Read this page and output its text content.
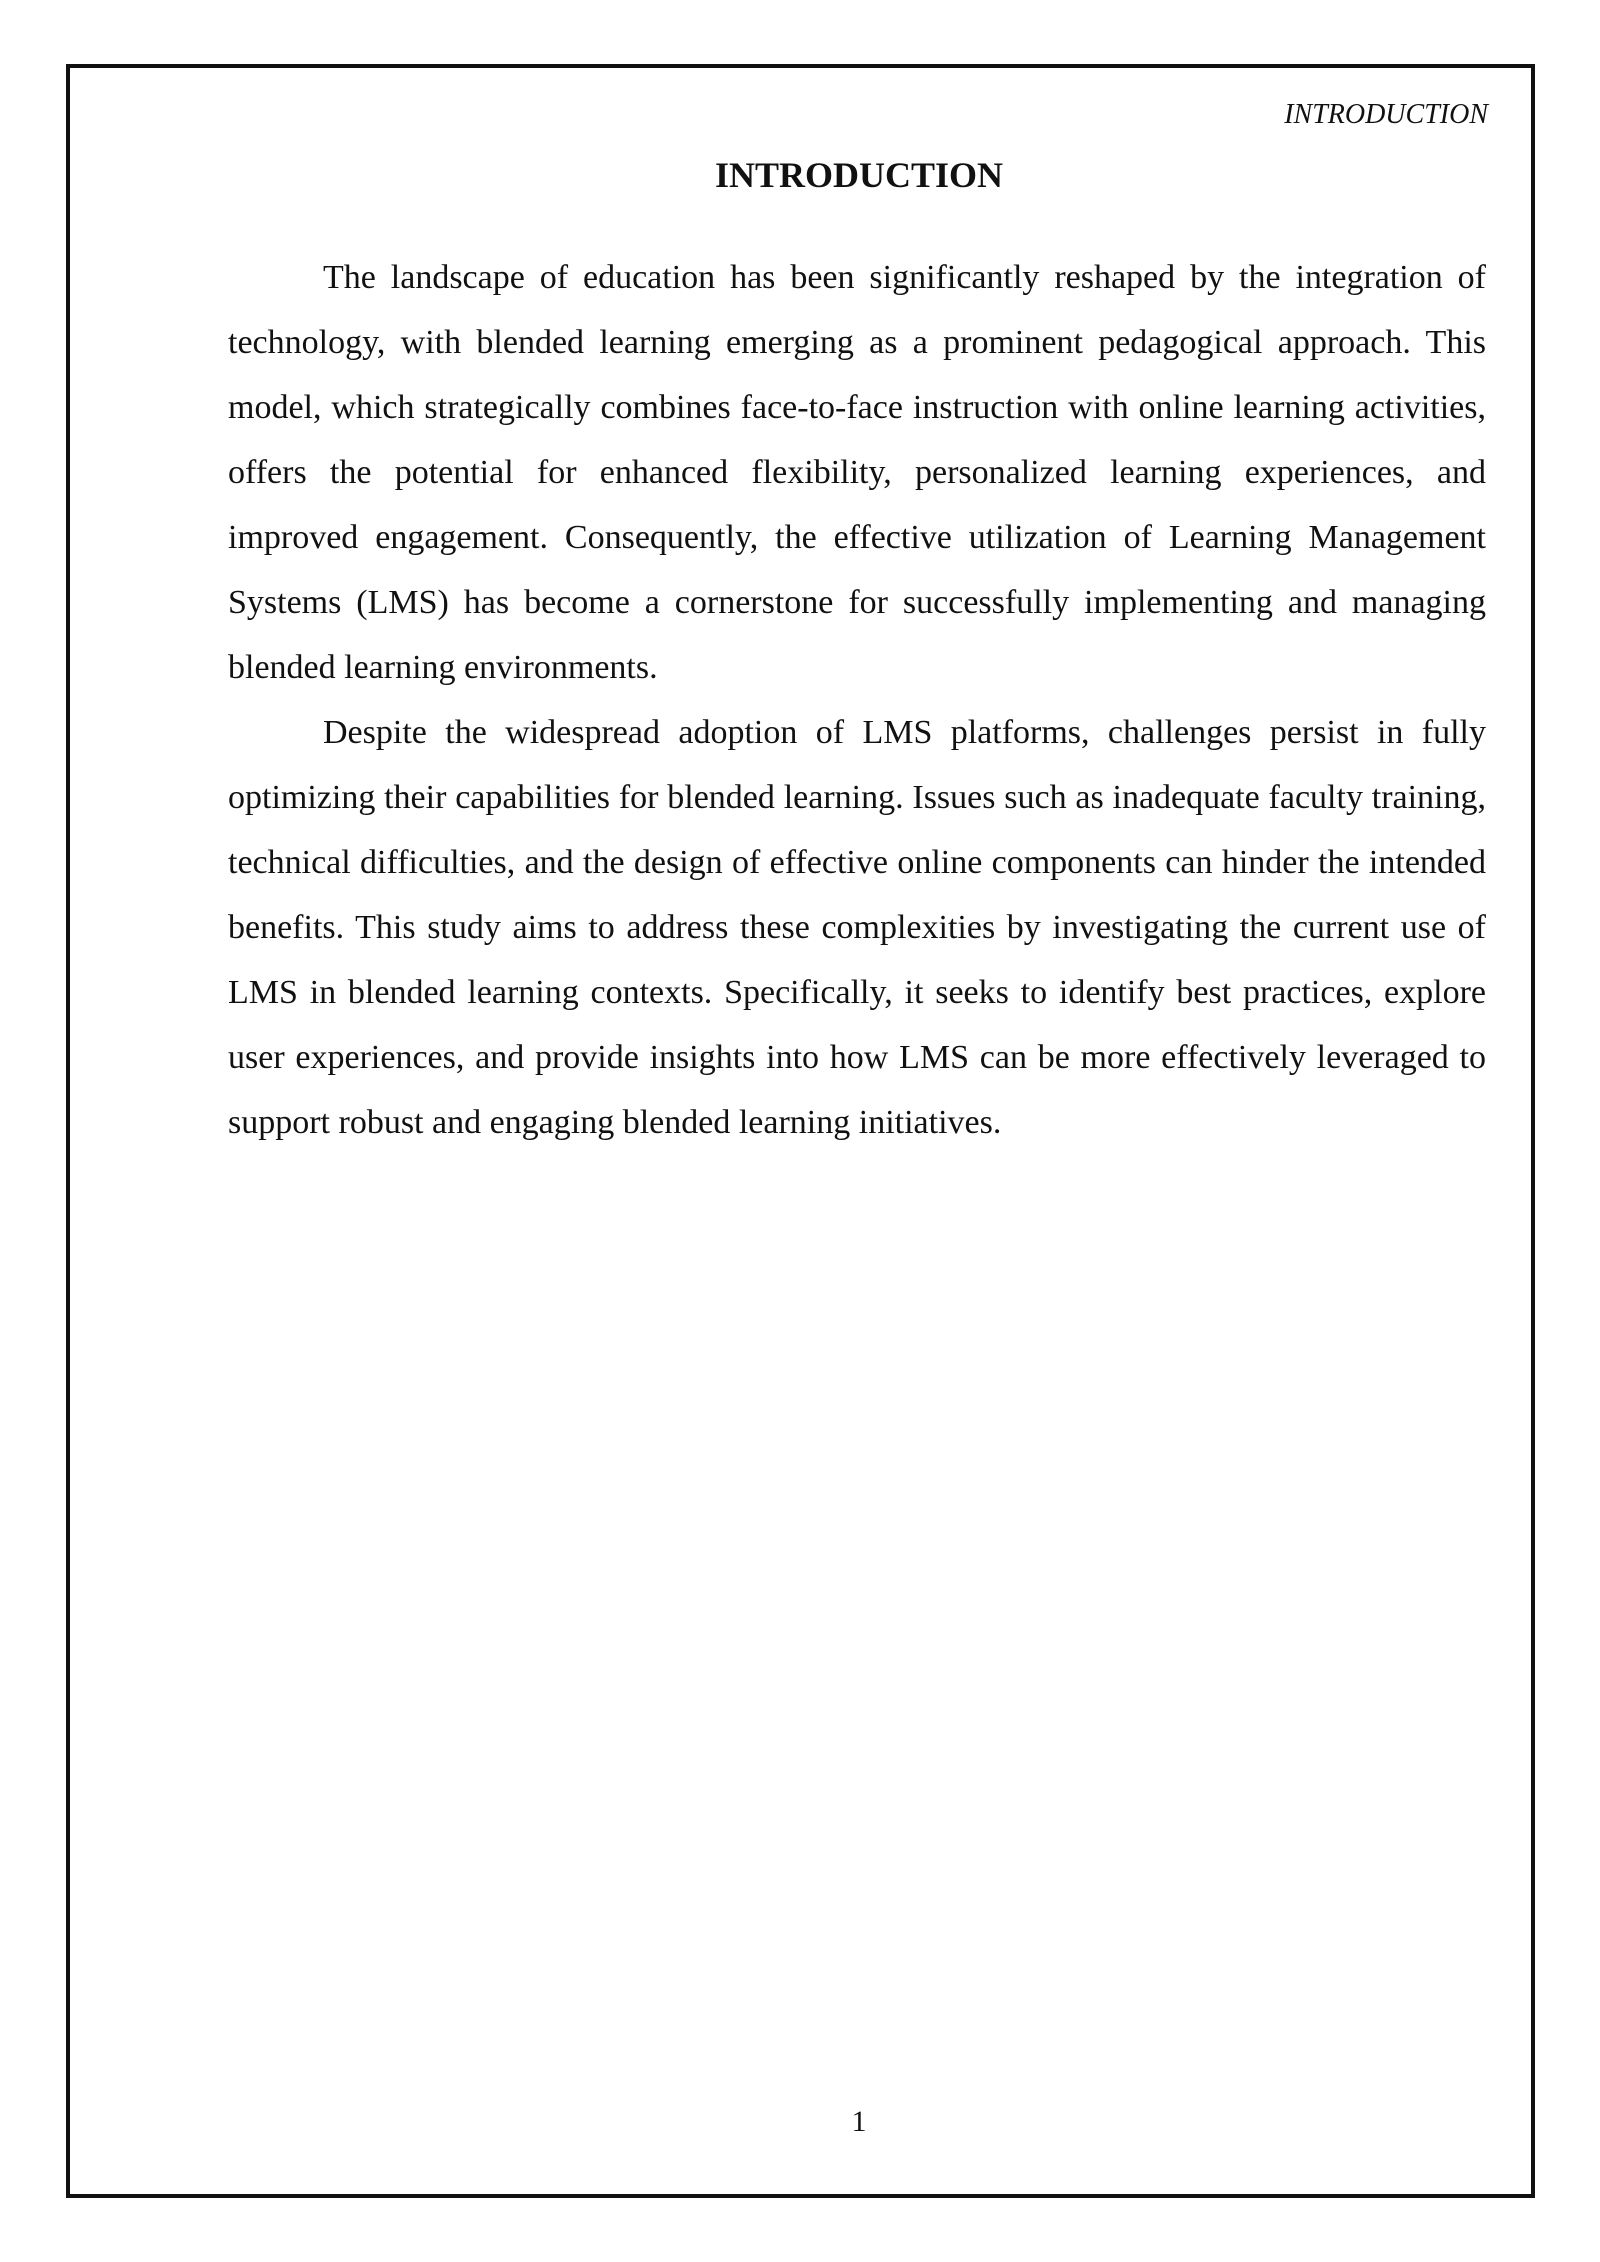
INTRODUCTION
INTRODUCTION

The landscape of education has been significantly reshaped by the integration of technology, with blended learning emerging as a prominent pedagogical approach. This model, which strategically combines face-to-face instruction with online learning activities, offers the potential for enhanced flexibility, personalized learning experiences, and improved engagement. Consequently, the effective utilization of Learning Management Systems (LMS) has become a cornerstone for successfully implementing and managing blended learning environments.

Despite the widespread adoption of LMS platforms, challenges persist in fully optimizing their capabilities for blended learning. Issues such as inadequate faculty training, technical difficulties, and the design of effective online components can hinder the intended benefits. This study aims to address these complexities by investigating the current use of LMS in blended learning contexts. Specifically, it seeks to identify best practices, explore user experiences, and provide insights into how LMS can be more effectively leveraged to support robust and engaging blended learning initiatives.

1
